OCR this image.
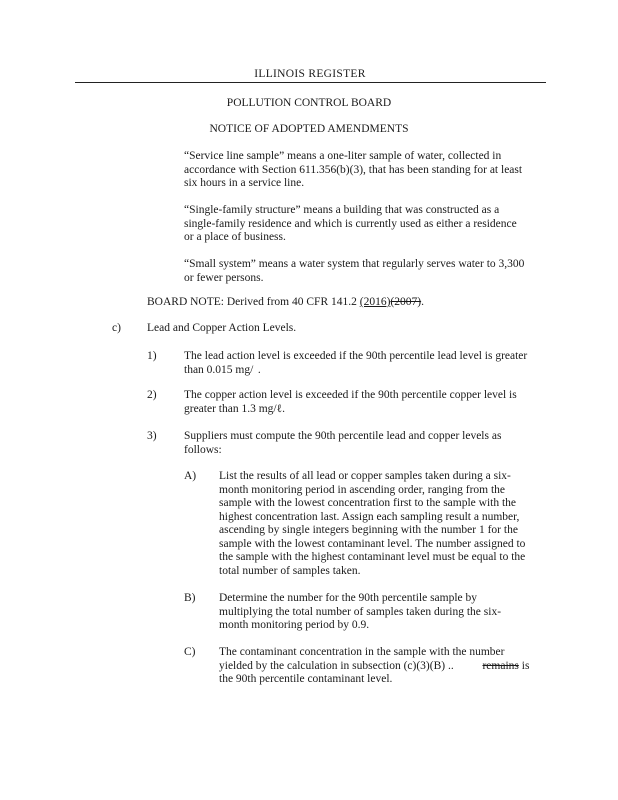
ILLINOIS REGISTER
POLLUTION CONTROL BOARD
NOTICE OF ADOPTED AMENDMENTS
“Service line sample” means a one-liter sample of water, collected in
accordance with Section 611.356(b)(3), that has been standing for at least
six hours in a service line.
“Single-family structure” means a building that was constructed as a
single-family residence and which is currently used as either a residence
or a place of business.
“Small system” means a water system that regularly serves water to 3,300
or fewer persons.
BOARD NOTE: Derived from 40 CFR 141.2 (2016)(2007).
c) Lead and Copper Action Levels.
1) The lead action level is exceeded if the 90th percentile lead level is greater
than 0.015 mg/  .
2) The copper action level is exceeded if the 90th percentile copper level is
greater than 1.3 mg/ℓ.
3) Suppliers must compute the 90th percentile lead and copper levels as
follows:
A) List the results of all lead or copper samples taken during a six-
month monitoring period in ascending order, ranging from the
sample with the lowest concentration first to the sample with the
highest concentration last. Assign each sampling result a number,
ascending by single integers beginning with the number 1 for the
sample with the lowest contaminant level. The number assigned to
the sample with the highest contaminant level must be equal to the
total number of samples taken.
B) Determine the number for the 90th percentile sample by
multiplying the total number of samples taken during the six-
month monitoring period by 0.9.
C) The contaminant concentration in the sample with the number
yielded by the calculation in subsection (c)(3)(B) ..          remains is
the 90th percentile contaminant level.
